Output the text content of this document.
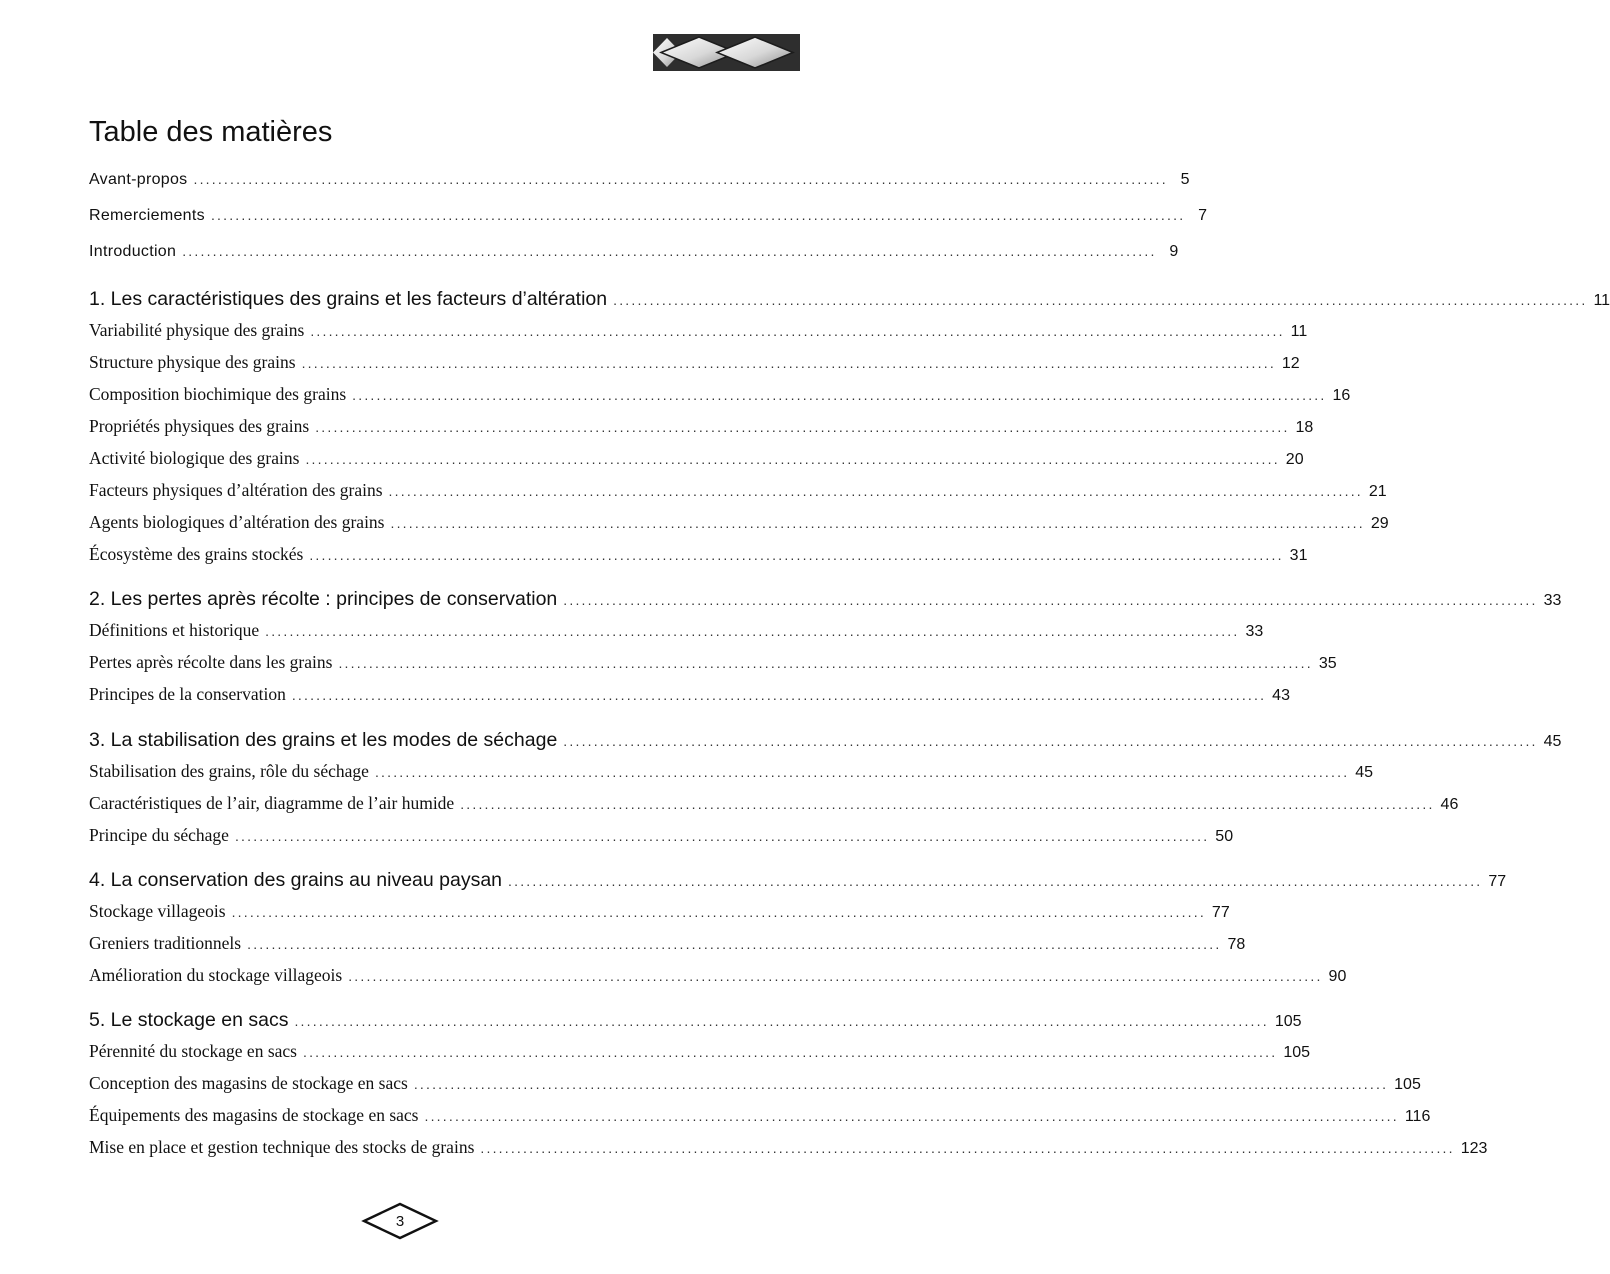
Table des matières
Avant-propos ................................................................................................................................................................ 5
Remerciements ................................................................................................................................................................ 7
Introduction ................................................................................................................................................................ 9
1. Les caractéristiques des grains et les facteurs d’altération ................................................................................................................................................................ 11
Variabilité physique des grains ................................................................................................................................................................ 11
Structure physique des grains ................................................................................................................................................................ 12
Composition biochimique des grains ................................................................................................................................................................ 16
Propriétés physiques des grains ................................................................................................................................................................ 18
Activité biologique des grains ................................................................................................................................................................ 20
Facteurs physiques d’altération des grains ................................................................................................................................................................ 21
Agents biologiques d’altération des grains ................................................................................................................................................................ 29
Écosystème des grains stockés ................................................................................................................................................................ 31
2. Les pertes après récolte : principes de conservation ................................................................................................................................................................ 33
Définitions et historique ................................................................................................................................................................ 33
Pertes après récolte dans les grains ................................................................................................................................................................ 35
Principes de la conservation ................................................................................................................................................................ 43
3. La stabilisation des grains et les modes de séchage ................................................................................................................................................................ 45
Stabilisation des grains, rôle du séchage ................................................................................................................................................................ 45
Caractéristiques de l’air, diagramme de l’air humide ................................................................................................................................................................ 46
Principe du séchage ................................................................................................................................................................ 50
4. La conservation des grains au niveau paysan ................................................................................................................................................................ 77
Stockage villageois ................................................................................................................................................................ 77
Greniers traditionnels ................................................................................................................................................................ 78
Amélioration du stockage villageois ................................................................................................................................................................ 90
5. Le stockage en sacs ................................................................................................................................................................ 105
Pérennité du stockage en sacs ................................................................................................................................................................ 105
Conception des magasins de stockage en sacs ................................................................................................................................................................ 105
Équipements des magasins de stockage en sacs ................................................................................................................................................................ 116
Mise en place et gestion technique des stocks de grains ................................................................................................................................................................ 123
3
